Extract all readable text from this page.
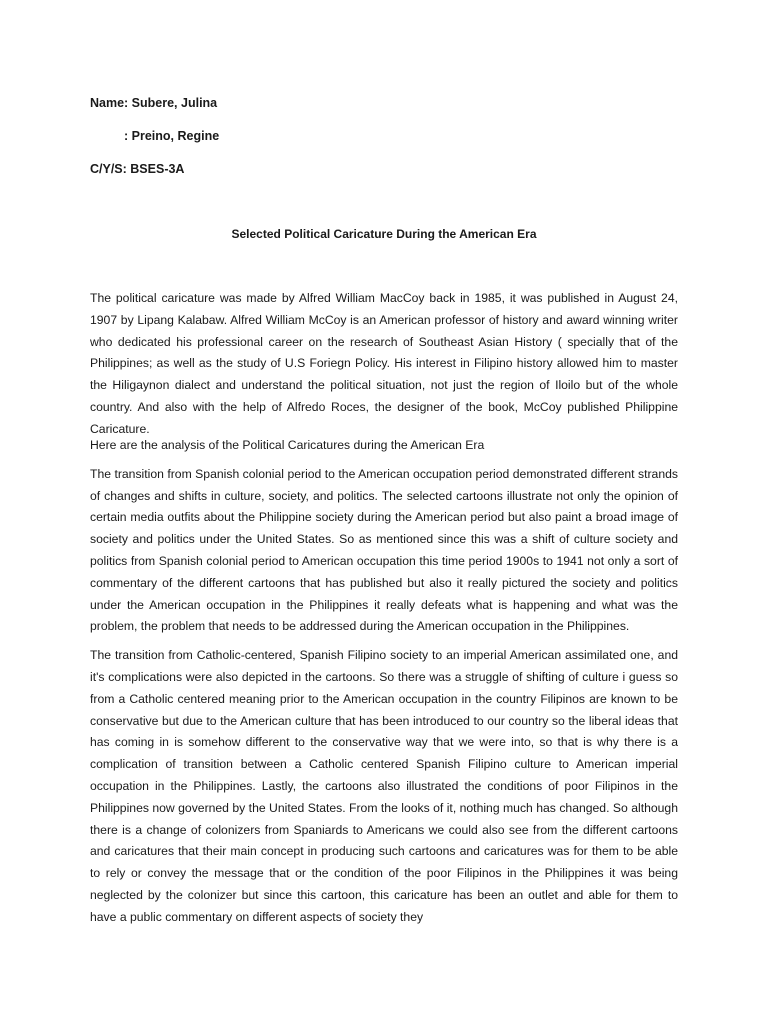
Name: Subere, Julina

: Preino, Regine

C/Y/S: BSES-3A

Selected Political Caricature During the American Era

The political caricature was made by Alfred William MacCoy back in 1985, it was published in August 24, 1907 by Lipang Kalabaw. Alfred William McCoy is an American professor of history and award winning writer who dedicated his professional career on the research of Southeast Asian History ( specially that of the Philippines; as well as the study of U.S Foriegn Policy. His interest in Filipino history allowed him to master the Hiligaynon dialect and understand the political situation, not just the region of Iloilo but of the whole country. And also with the help of Alfredo Roces, the designer of the book, McCoy published Philippine Caricature.

Here are the analysis of the Political Caricatures during the American Era

The transition from Spanish colonial period to the American occupation period demonstrated different strands of changes and shifts in culture, society, and politics. The selected cartoons illustrate not only the opinion of certain media outfits about the Philippine society during the American period but also paint a broad image of society and politics under the United States. So as mentioned since this was a shift of culture society and politics from Spanish colonial period to American occupation this time period 1900s to 1941 not only a sort of commentary of the different cartoons that has published but also it really pictured the society and politics under the American occupation in the Philippines it really defeats what is happening and what was the problem, the problem that needs to be addressed during the American occupation in the Philippines.

The transition from Catholic-centered, Spanish Filipino society to an imperial American assimilated one, and it's complications were also depicted in the cartoons. So there was a struggle of shifting of culture i guess so from a Catholic centered meaning prior to the American occupation in the country Filipinos are known to be conservative but due to the American culture that has been introduced to our country so the liberal ideas that has coming in is somehow different to the conservative way that we were into, so that is why there is a complication of transition between a Catholic centered Spanish Filipino culture to American imperial occupation in the Philippines. Lastly, the cartoons also illustrated the conditions of poor Filipinos in the Philippines now governed by the United States. From the looks of it, nothing much has changed. So although there is a change of colonizers from Spaniards to Americans we could also see from the different cartoons and caricatures that their main concept in producing such cartoons and caricatures was for them to be able to rely or convey the message that or the condition of the poor Filipinos in the Philippines it was being neglected by the colonizer but since this cartoon, this caricature has been an outlet and able for them to have a public commentary on different aspects of society they
